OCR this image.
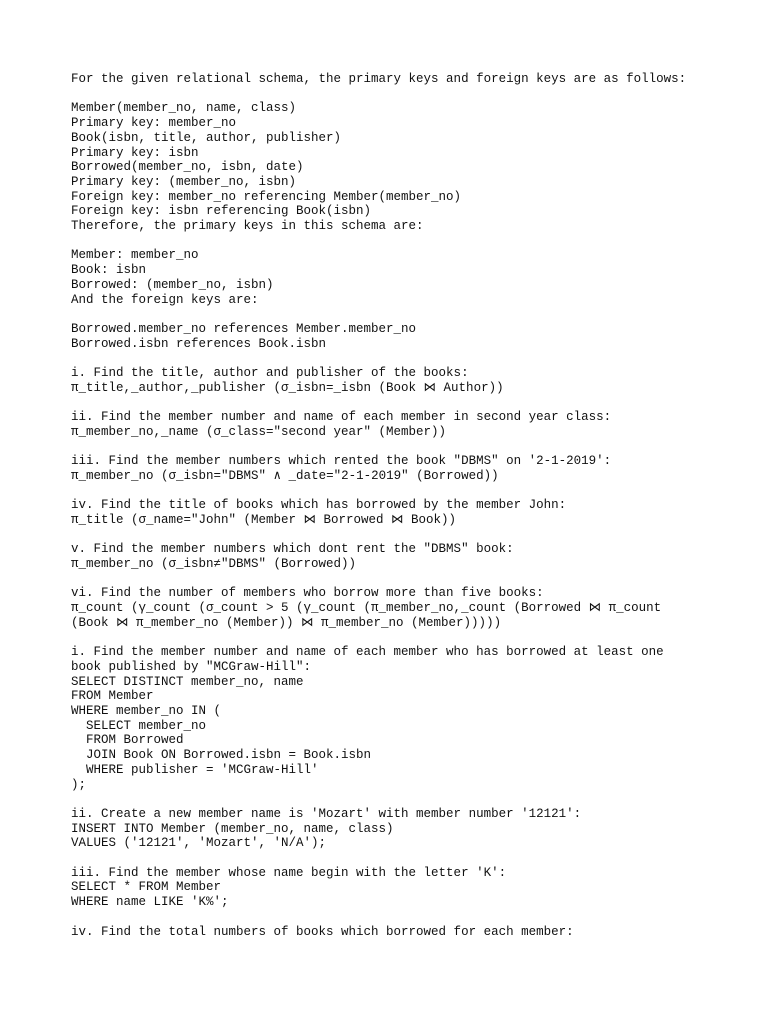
For the given relational schema, the primary keys and foreign keys are as follows:
Member(member_no, name, class)
Primary key: member_no
Book(isbn, title, author, publisher)
Primary key: isbn
Borrowed(member_no, isbn, date)
Primary key: (member_no, isbn)
Foreign key: member_no referencing Member(member_no)
Foreign key: isbn referencing Book(isbn)
Therefore, the primary keys in this schema are:
Member: member_no
Book: isbn
Borrowed: (member_no, isbn)
And the foreign keys are:
Borrowed.member_no references Member.member_no
Borrowed.isbn references Book.isbn
i. Find the title, author and publisher of the books:
π_title,_author,_publisher (σ_isbn=_isbn (Book ⋈ Author))
ii. Find the member number and name of each member in second year class:
π_member_no,_name (σ_class="second year" (Member))
iii. Find the member numbers which rented the book "DBMS" on '2-1-2019':
π_member_no (σ_isbn="DBMS" ∧ _date="2-1-2019" (Borrowed))
iv. Find the title of books which has borrowed by the member John:
π_title (σ_name="John" (Member ⋈ Borrowed ⋈ Book))
v. Find the member numbers which dont rent the "DBMS" book:
π_member_no (σ_isbn≠"DBMS" (Borrowed))
vi. Find the number of members who borrow more than five books:
π_count (γ_count (σ_count > 5 (γ_count (π_member_no,_count (Borrowed ⋈ π_count
(Book ⋈ π_member_no (Member)) ⋈ π_member_no (Member)))))
i. Find the member number and name of each member who has borrowed at least one
book published by "MCGraw-Hill":
SELECT DISTINCT member_no, name
FROM Member
WHERE member_no IN (
SELECT member_no
FROM Borrowed
JOIN Book ON Borrowed.isbn = Book.isbn
WHERE publisher = 'MCGraw-Hill'
);
ii. Create a new member name is 'Mozart' with member number '12121':
INSERT INTO Member (member_no, name, class)
VALUES ('12121', 'Mozart', 'N/A');
iii. Find the member whose name begin with the letter 'K':
SELECT * FROM Member
WHERE name LIKE 'K%';
iv. Find the total numbers of books which borrowed for each member:
